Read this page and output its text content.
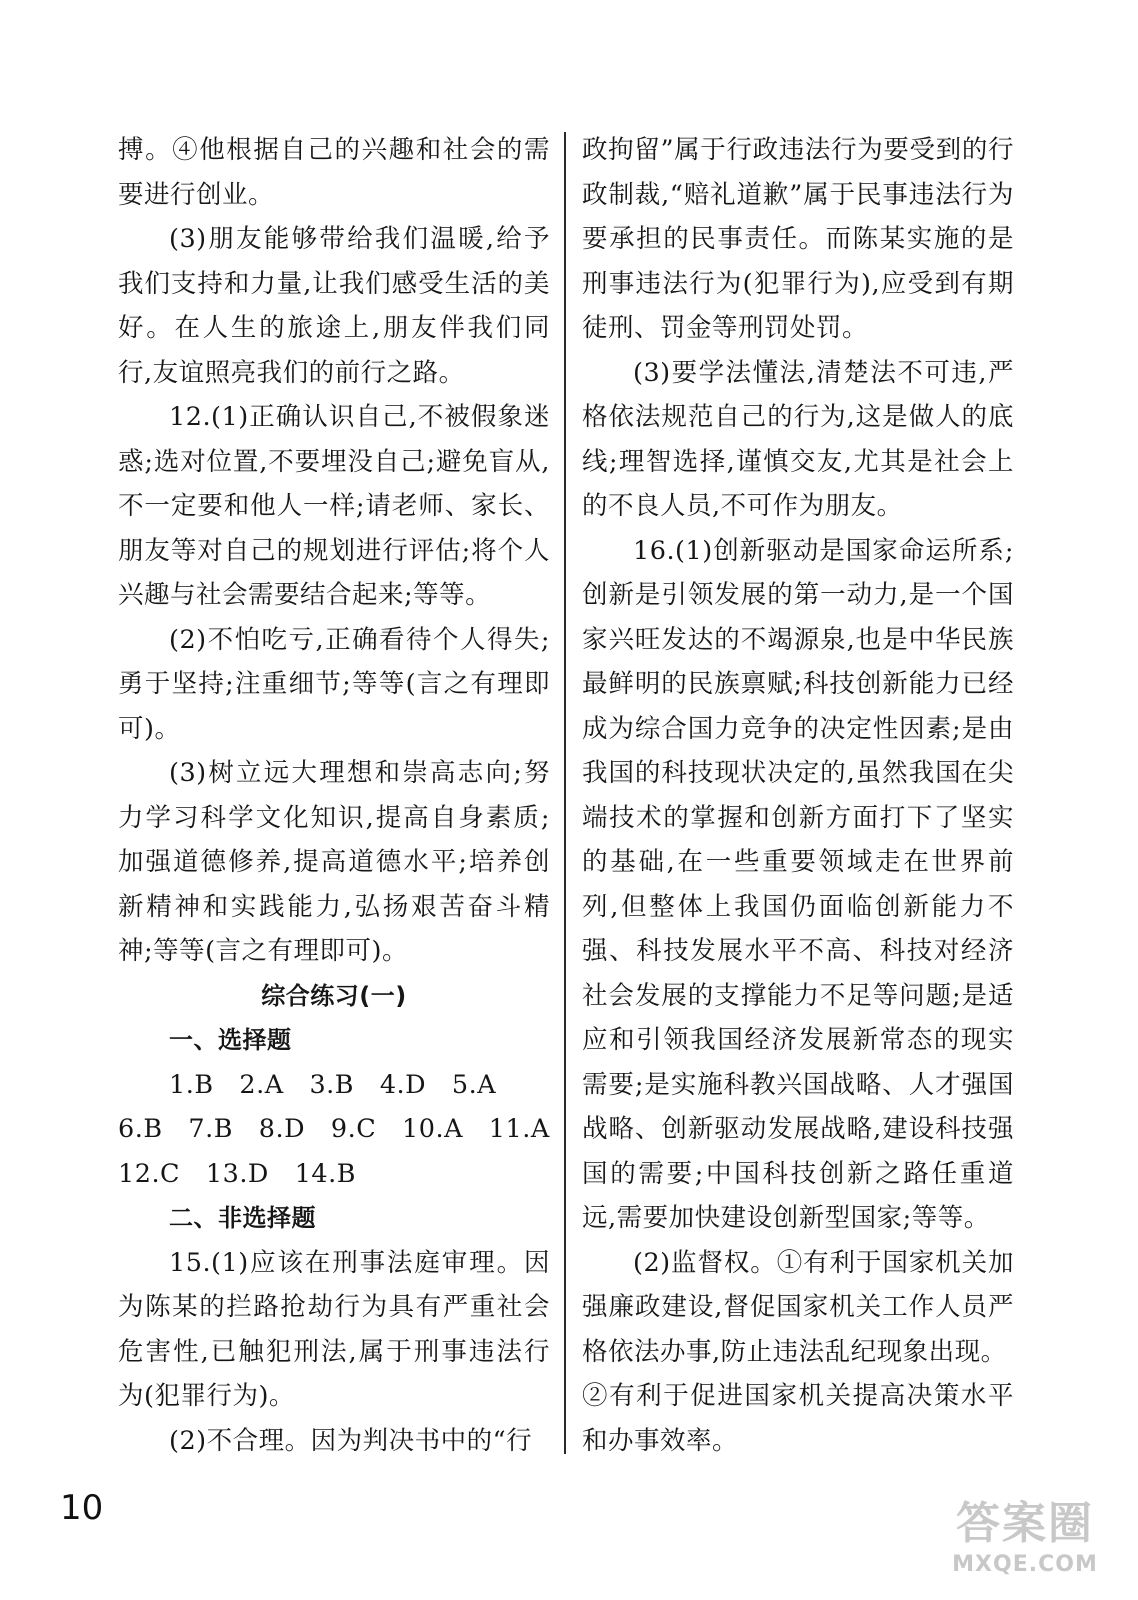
搏。④他根据自己的兴趣和社会的需要进行创业。

(3)朋友能够带给我们温暖,给予我们支持和力量,让我们感受生活的美好。在人生的旅途上,朋友伴我们同行,友谊照亮我们的前行之路。

12.(1)正确认识自己,不被假象迷惑;选对位置,不要埋没自己;避免盲从,不一定要和他人一样;请老师、家长、朋友等对自己的规划进行评估;将个人兴趣与社会需要结合起来;等等。

(2)不怕吃亏,正确看待个人得失;勇于坚持;注重细节;等等(言之有理即可)。

(3)树立远大理想和崇高志向;努力学习科学文化知识,提高自身素质;加强道德修养,提高道德水平;培养创新精神和实践能力,弘扬艰苦奋斗精神;等等(言之有理即可)。

综合练习(一)

一、选择题

1.B   2.A   3.B   4.D   5.A

6.B   7.B   8.D   9.C   10.A   11.A

12.C   13.D   14.B

二、非选择题

15.(1)应该在刑事法庭审理。因为陈某的拦路抢劫行为具有严重社会危害性,已触犯刑法,属于刑事违法行为(犯罪行为)。

(2)不合理。因为判决书中的“行

政拘留”属于行政违法行为要受到的行政制裁,“赔礼道歉”属于民事违法行为要承担的民事责任。而陈某实施的是刑事违法行为(犯罪行为),应受到有期徒刑、罚金等刑罚处罚。

(3)要学法懂法,清楚法不可违,严格依法规范自己的行为,这是做人的底线;理智选择,谨慎交友,尤其是社会上的不良人员,不可作为朋友。

16.(1)创新驱动是国家命运所系;创新是引领发展的第一动力,是一个国家兴旺发达的不竭源泉,也是中华民族最鲜明的民族禀赋;科技创新能力已经成为综合国力竞争的决定性因素;是由我国的科技现状决定的,虽然我国在尖端技术的掌握和创新方面打下了坚实的基础,在一些重要领域走在世界前列,但整体上我国仍面临创新能力不强、科技发展水平不高、科技对经济社会发展的支撑能力不足等问题;是适应和引领我国经济发展新常态的现实需要;是实施科教兴国战略、人才强国战略、创新驱动发展战略,建设科技强国的需要;中国科技创新之路任重道远,需要加快建设创新型国家;等等。

(2)监督权。①有利于国家机关加强廉政建设,督促国家机关工作人员严格依法办事,防止违法乱纪现象出现。

②有利于促进国家机关提高决策水平和办事效率。

10	答案圈
MXQE.COM
